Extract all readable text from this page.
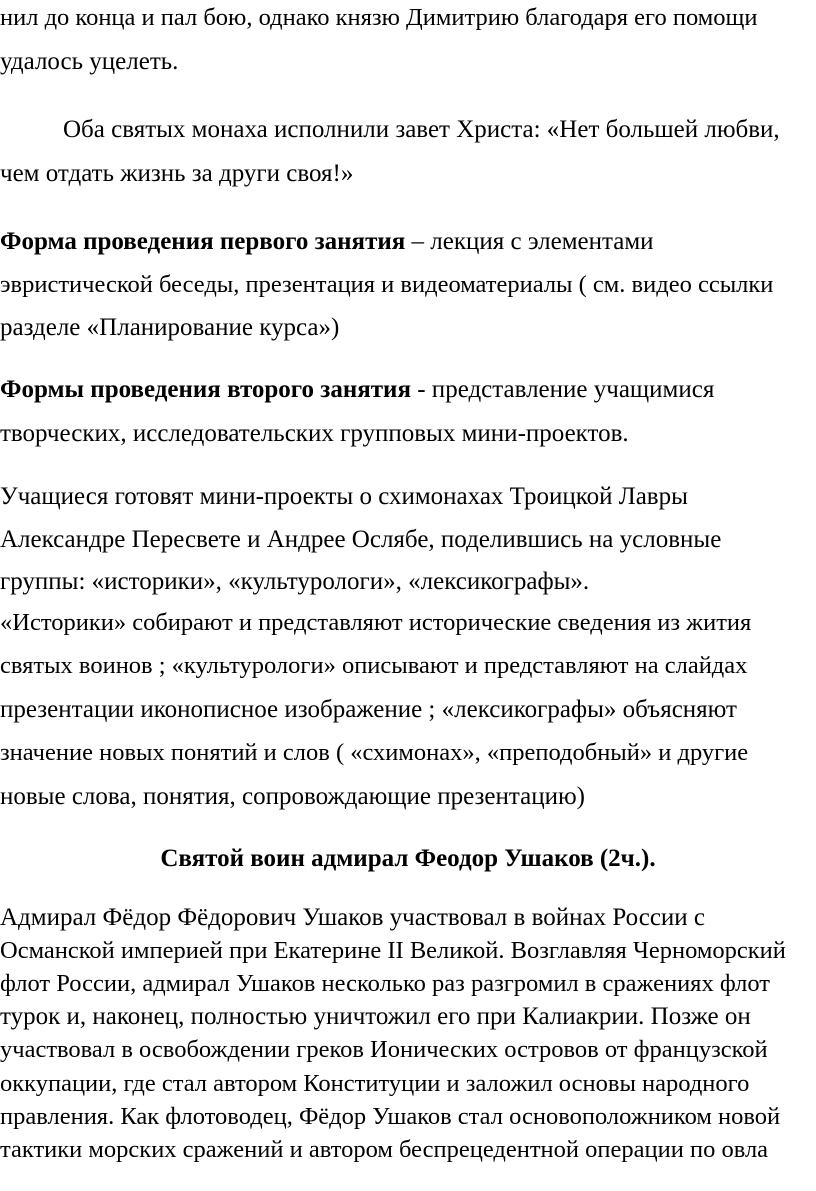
нил до конца и пал бою, однако князю Димитрию благодаря его помощи
удалось уцелеть.
Оба святых монаха исполнили завет Христа: «Нет большей любви,
чем отдать жизнь за други своя!»
Форма проведения первого занятия – лекция с элементами
эвристической беседы, презентация и видеоматериалы ( см. видео ссылки
разделе «Планирование курса»)
Формы проведения второго занятия - представление учащимися
творческих, исследовательских групповых мини-проектов.
Учащиеся готовят мини-проекты о схимонахах Троицкой Лавры
Александре Пересвете и Андрее Ослябе, поделившись на условные
группы: «историки», «культурологи», «лексикографы».
«Историки» собирают и представляют исторические сведения из жития
святых воинов ; «культурологи» описывают и представляют на слайдах
презентации иконописное изображение ; «лексикографы» объясняют
значение новых понятий и слов ( «схимонах», «преподобный» и другие
новые слова, понятия, сопровождающие презентацию)
Святой воин адмирал Феодор Ушаков (2ч.).
Адмирал Фёдор Фёдорович Ушаков участвовал в войнах России с
Османской империей при Екатерине II Великой. Возглавляя Черноморский
флот России, адмирал Ушаков несколько раз разгромил в сражениях флот
турок и, наконец, полностью уничтожил его при Калиакрии. Позже он
участвовал в освобождении греков Ионических островов от французской
оккупации, где стал автором Конституции и заложил основы народного
правления. Как флотоводец, Фёдор Ушаков стал основоположником новой
тактики морских сражений и автором беспрецедентной операции по овла
